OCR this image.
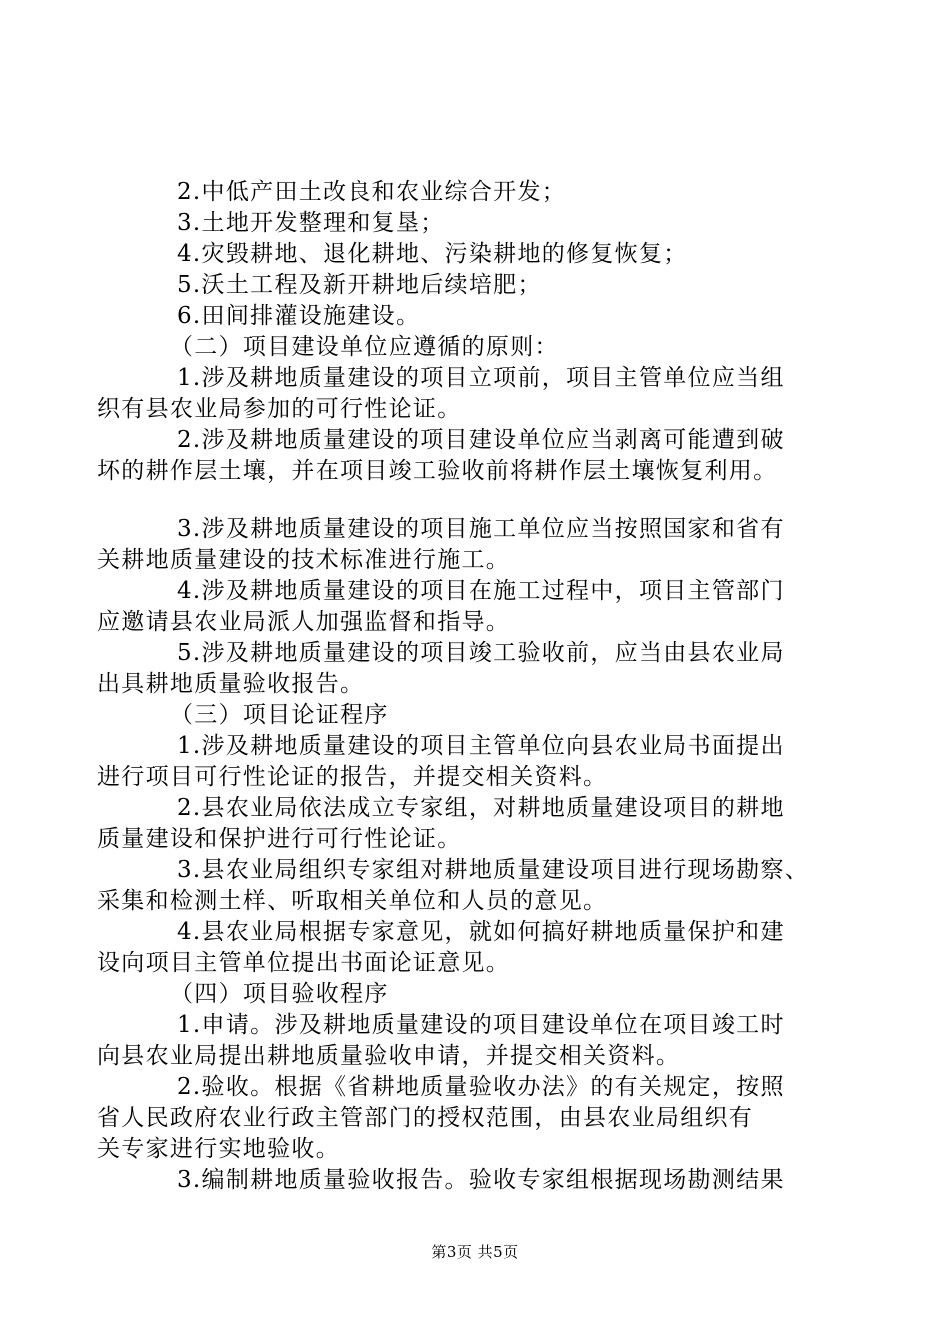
2.中低产田土改良和农业综合开发；
3.土地开发整理和复垦；
4.灾毁耕地、退化耕地、污染耕地的修复恢复；
5.沃土工程及新开耕地后续培肥；
6.田间排灌设施建设。
（二）项目建设单位应遵循的原则：
1.涉及耕地质量建设的项目立项前，项目主管单位应当组
织有县农业局参加的可行性论证。
2.涉及耕地质量建设的项目建设单位应当剥离可能遭到破
坏的耕作层土壤，并在项目竣工验收前将耕作层土壤恢复利用。
3.涉及耕地质量建设的项目施工单位应当按照国家和省有
关耕地质量建设的技术标准进行施工。
4.涉及耕地质量建设的项目在施工过程中，项目主管部门
应邀请县农业局派人加强监督和指导。
5.涉及耕地质量建设的项目竣工验收前，应当由县农业局
出具耕地质量验收报告。
（三）项目论证程序
1.涉及耕地质量建设的项目主管单位向县农业局书面提出
进行项目可行性论证的报告，并提交相关资料。
2.县农业局依法成立专家组，对耕地质量建设项目的耕地
质量建设和保护进行可行性论证。
3.县农业局组织专家组对耕地质量建设项目进行现场勘察、
采集和检测土样、听取相关单位和人员的意见。
4.县农业局根据专家意见，就如何搞好耕地质量保护和建
设向项目主管单位提出书面论证意见。
（四）项目验收程序
1.申请。涉及耕地质量建设的项目建设单位在项目竣工时
向县农业局提出耕地质量验收申请，并提交相关资料。
2.验收。根据《省耕地质量验收办法》的有关规定，按照
省人民政府农业行政主管部门的授权范围，由县农业局组织有
关专家进行实地验收。
3.编制耕地质量验收报告。验收专家组根据现场勘测结果
第3页 共5页
